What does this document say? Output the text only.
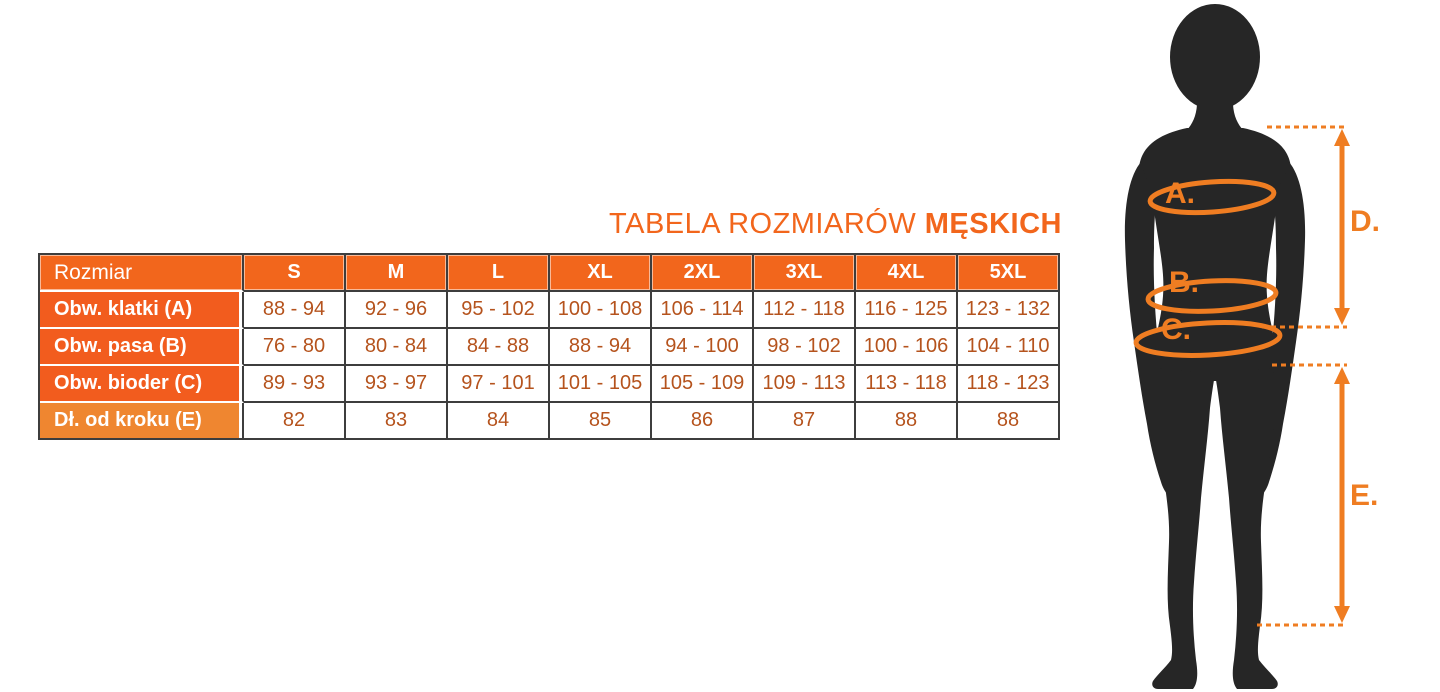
TABELA ROZMIARÓW MĘSKICH
Rozmiar	S	M	L	XL	2XL	3XL	4XL	5XL
Obw. klatki (A)	88 - 94	92 - 96	95 - 102	100 - 108	106 - 114	112 - 118	116 - 125	123 - 132
Obw. pasa (B)	76 - 80	80 - 84	84 - 88	88 - 94	94 - 100	98 - 102	100 - 106	104 - 110
Obw. bioder (C)	89 - 93	93 - 97	97 - 101	101 - 105	105 - 109	109 - 113	113 - 118	118 - 123
Dł. od kroku (E)	82	83	84	85	86	87	88	88
A.
B.
C.
D.
E.
